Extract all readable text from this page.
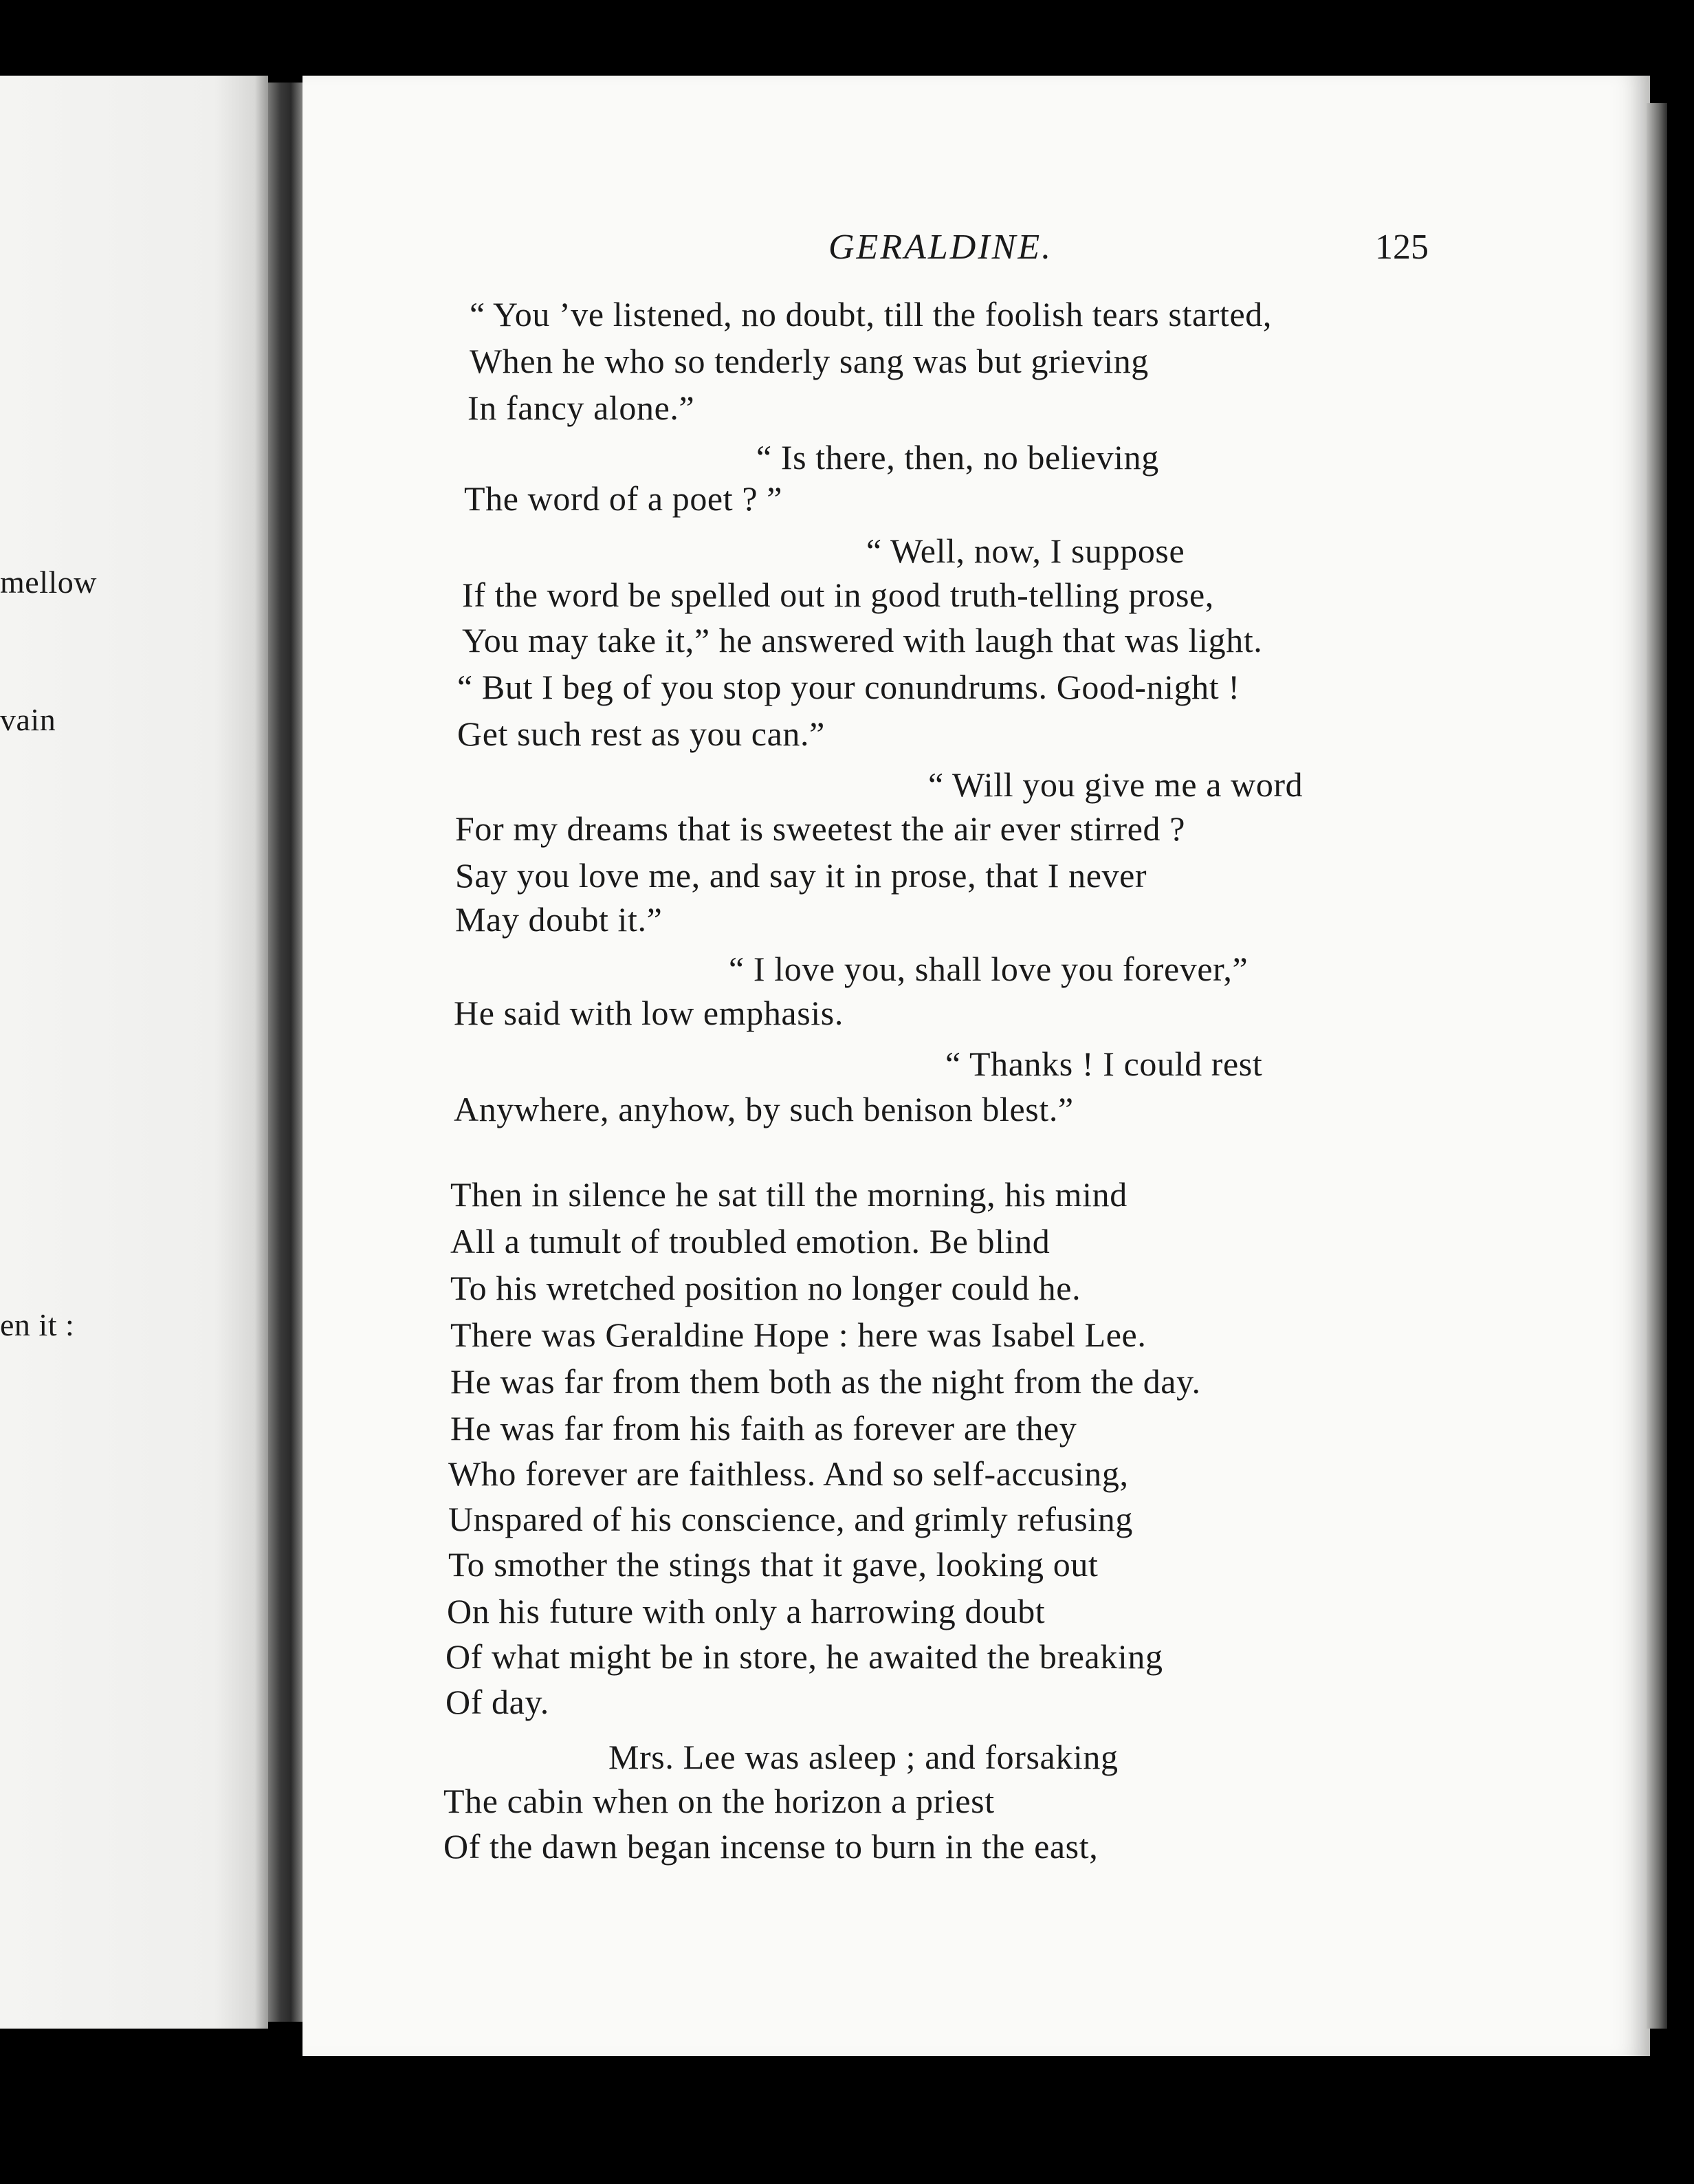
mellow
vain
en it :
GERALDINE.	125
“ You ’ve listened, no doubt, till the foolish tears started,
When he who so tenderly sang was but grieving
In fancy alone.”
“ Is there, then, no believing
The word of a poet ? ”
“ Well, now, I suppose
If the word be spelled out in good truth-telling prose,
You may take it,” he answered with laugh that was light.
“ But I beg of you stop your conundrums. Good-night !
Get such rest as you can.”
“ Will you give me a word
For my dreams that is sweetest the air ever stirred ?
Say you love me, and say it in prose, that I never
May doubt it.”
“ I love you, shall love you forever,”
He said with low emphasis.
“ Thanks ! I could rest
Anywhere, anyhow, by such benison blest.”
Then in silence he sat till the morning, his mind
All a tumult of troubled emotion. Be blind
To his wretched position no longer could he.
There was Geraldine Hope : here was Isabel Lee.
He was far from them both as the night from the day.
He was far from his faith as forever are they
Who forever are faithless. And so self-accusing,
Unspared of his conscience, and grimly refusing
To smother the stings that it gave, looking out
On his future with only a harrowing doubt
Of what might be in store, he awaited the breaking
Of day.
Mrs. Lee was asleep ; and forsaking
The cabin when on the horizon a priest
Of the dawn began incense to burn in the east,
